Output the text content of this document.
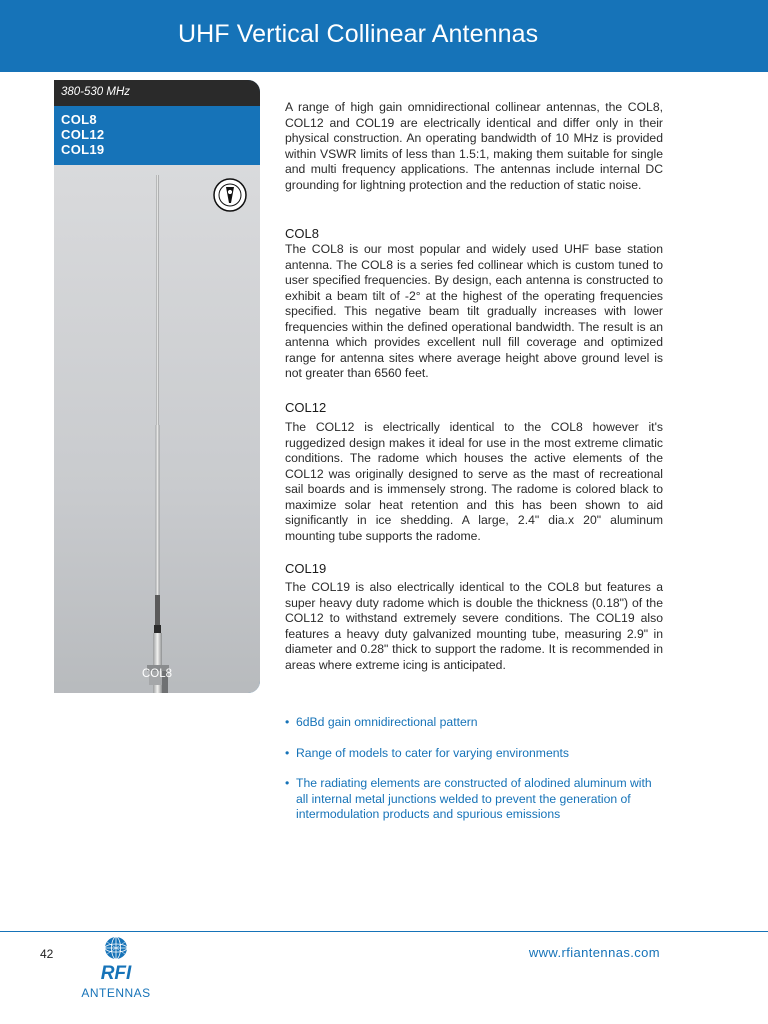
UHF Vertical Collinear Antennas
380-530 MHz
COL8
COL12
COL19
COL8

A range of high gain omnidirectional collinear antennas, the COL8, COL12 and COL19 are electrically identical and differ only in their physical construction. An operating bandwidth of 10 MHz is provided within VSWR limits of less than 1.5:1, making them suitable for single and multi frequency applications. The antennas include internal DC grounding for lightning protection and the reduction of static noise.

COL8

The COL8 is our most popular and widely used UHF base station antenna. The COL8 is a series fed collinear which is custom tuned to user specified frequencies. By design, each antenna is constructed to exhibit a beam tilt of -2° at the highest of the operating frequencies specified. This negative beam tilt gradually increases with lower frequencies within the defined operational bandwidth. The result is an antenna which provides excellent null fill coverage and optimized range for antenna sites where average height above ground level is not greater than 6560 feet.

COL12

The COL12 is electrically identical to the COL8 however it's ruggedized design makes it ideal for use in the most extreme climatic conditions. The radome which houses the active elements of the COL12 was originally designed to serve as the mast of recreational sail boards and is immensely strong. The radome is colored black to maximize solar heat retention and this has been shown to aid significantly in ice shedding. A large, 2.4" dia.x 20" aluminum mounting tube supports the radome.

COL19

The COL19 is also electrically identical to the COL8 but features a super heavy duty radome which is double the thickness (0.18") of the COL12 to withstand extremely severe conditions. The COL19 also features a heavy duty galvanized mounting tube, measuring 2.9" in diameter and 0.28" thick to support the radome. It is recommended in areas where extreme icing is anticipated.

• 6dBd gain omnidirectional pattern
• Range of models to cater for varying environments
• The radiating elements are constructed of alodined aluminum with all internal metal junctions welded to prevent the generation of intermodulation products and spurious emissions
42
RFI
ANTENNAS
www.rfiantennas.com
